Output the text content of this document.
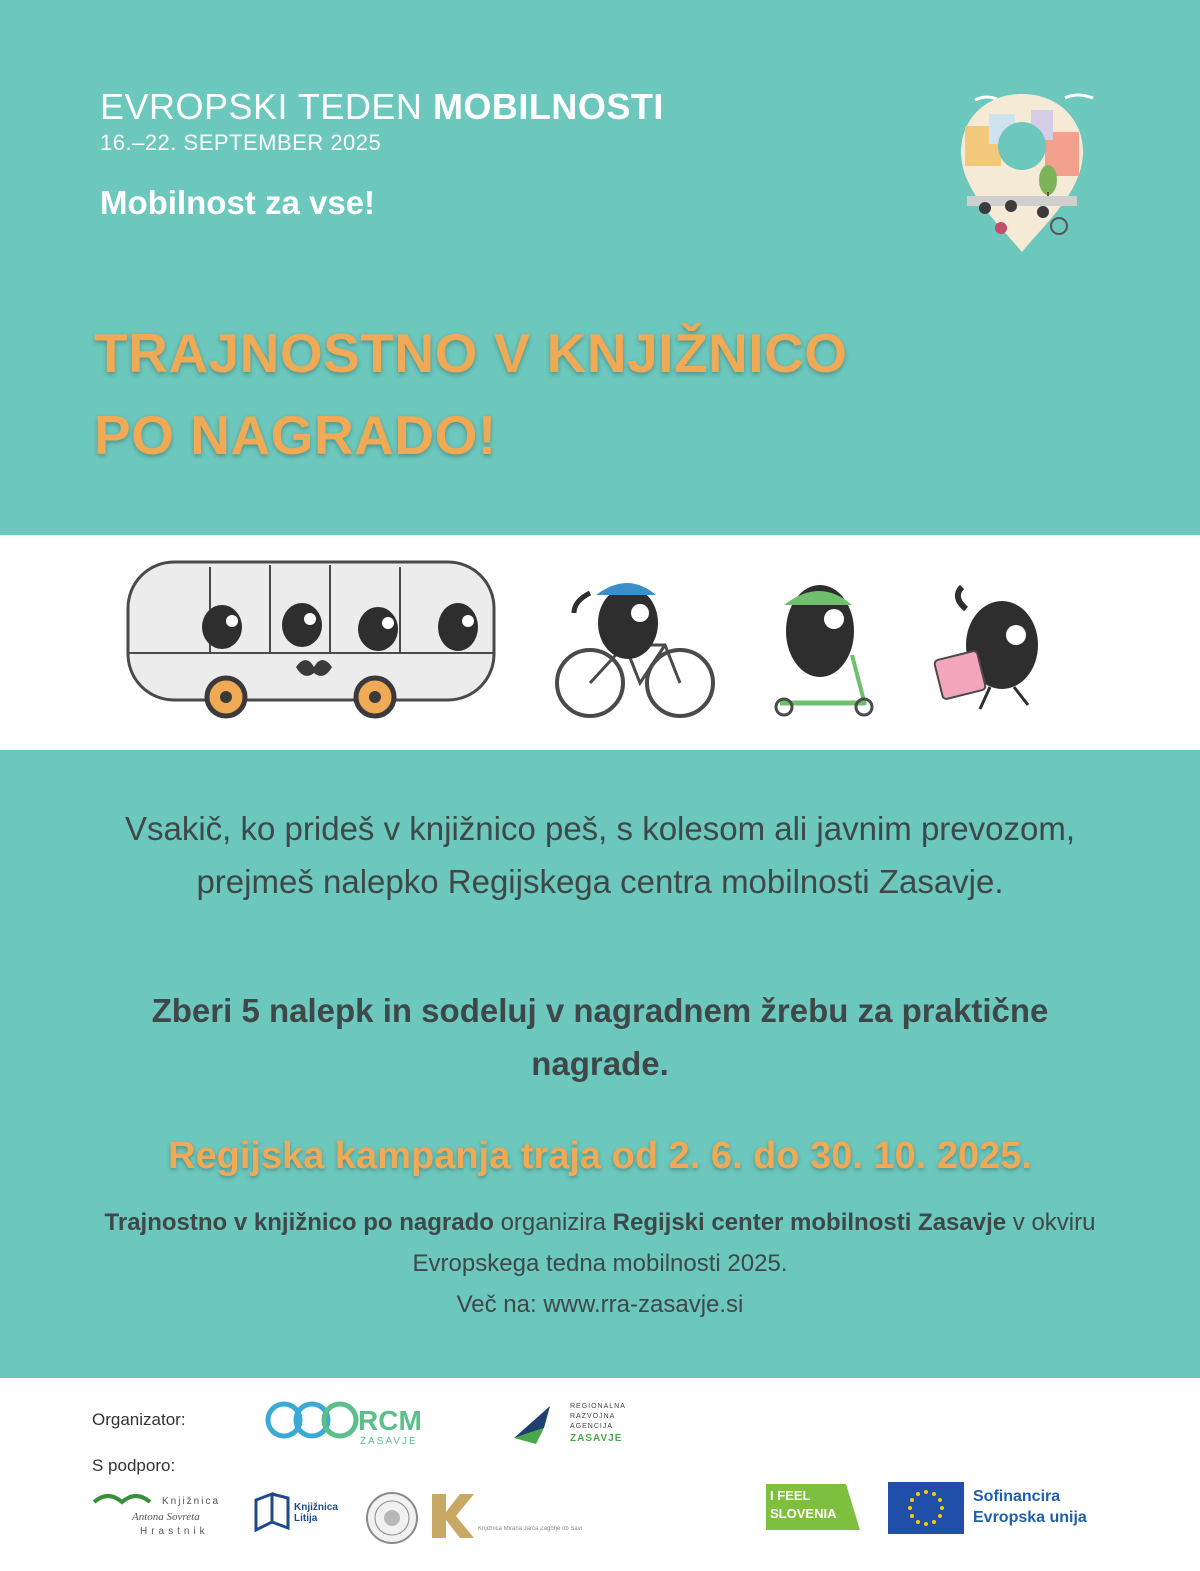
EVROPSKI TEDEN MOBILNOSTI
16.–22. SEPTEMBER 2025
Mobilnost za vse!
TRAJNOSTNO V KNJIŽNICO
PO NAGRADO!
Vsakič, ko prideš v knjižnico peš, s kolesom ali javnim prevozom, prejmeš nalepko Regijskega centra mobilnosti Zasavje.
Zberi 5 nalepk in sodeluj v nagradnem žrebu za praktične nagrade.
Regijska kampanja traja od 2. 6. do 30. 10. 2025.
Trajnostno v knjižnico po nagrado organizira Regijski center mobilnosti Zasavje v okviru Evropskega tedna mobilnosti 2025.
Več na: www.rra-zasavje.si
Organizator:
S podporo:
RCM
ZASAVJE
REGIONALNA
RAZVOJNA
AGENCIJA
ZASAVJE
Knjižnica
Antona Sovreta
Hrastnik
Knjižnica Litija
Knjižnica Mirana Jarca Zagorje ob Savi
I FEEL
SLOVENIA
Sofinancira
Evropska unija
